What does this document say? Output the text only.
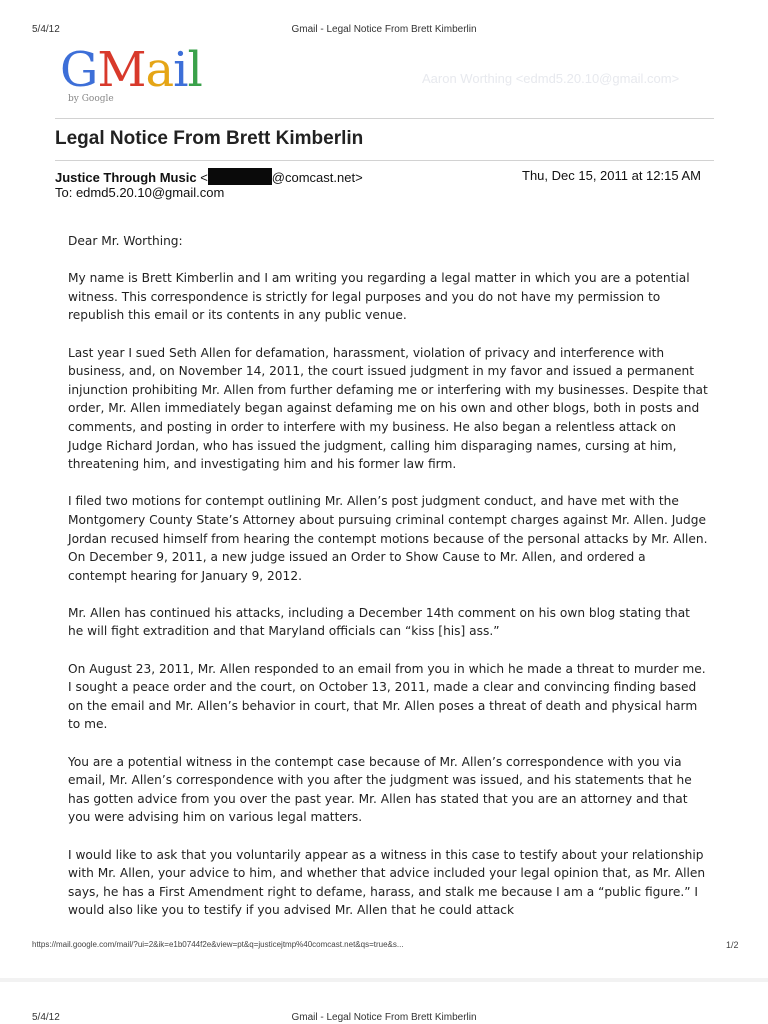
5/4/12	Gmail - Legal Notice From Brett Kimberlin
GMail
by Google
Aaron Worthing <edmd5.20.10@gmail.com>
Legal Notice From Brett Kimberlin
Justice Through Music <	@comcast.net>	Thu, Dec 15, 2011 at 12:15 AM
To: edmd5.20.10@gmail.com

Dear Mr. Worthing:

My name is Brett Kimberlin and I am writing you regarding a legal matter in which you are a potential witness. This correspondence is strictly for legal purposes and you do not have my permission to republish this email or its contents in any public venue.

Last year I sued Seth Allen for defamation, harassment, violation of privacy and interference with business, and, on November 14, 2011, the court issued judgment in my favor and issued a permanent injunction prohibiting Mr. Allen from further defaming me or interfering with my businesses. Despite that order, Mr. Allen immediately began against defaming me on his own and other blogs, both in posts and comments, and posting in order to interfere with my business. He also began a relentless attack on Judge Richard Jordan, who has issued the judgment, calling him disparaging names, cursing at him, threatening him, and investigating him and his former law firm.

I filed two motions for contempt outlining Mr. Allen’s post judgment conduct, and have met with the Montgomery County State’s Attorney about pursuing criminal contempt charges against Mr. Allen. Judge Jordan recused himself from hearing the contempt motions because of the personal attacks by Mr. Allen. On December 9, 2011, a new judge issued an Order to Show Cause to Mr. Allen, and ordered a contempt hearing for January 9, 2012.

Mr. Allen has continued his attacks, including a December 14th comment on his own blog stating that he will fight extradition and that Maryland officials can “kiss [his] ass.”

On August 23, 2011, Mr. Allen responded to an email from you in which he made a threat to murder me. I sought a peace order and the court, on October 13, 2011, made a clear and convincing finding based on the email and Mr. Allen’s behavior in court, that Mr. Allen poses a threat of death and physical harm to me.

You are a potential witness in the contempt case because of Mr. Allen’s correspondence with you via email, Mr. Allen’s correspondence with you after the judgment was issued, and his statements that he has gotten advice from you over the past year. Mr. Allen has stated that you are an attorney and that you were advising him on various legal matters.

I would like to ask that you voluntarily appear as a witness in this case to testify about your relationship with Mr. Allen, your advice to him, and whether that advice included your legal opinion that, as Mr. Allen says, he has a First Amendment right to defame, harass, and stalk me because I am a “public figure.” I would also like you to testify if you advised Mr. Allen that he could attack

https://mail.google.com/mail/?ui=2&ik=e1b0744f2e&view=pt&q=justicejtmp%40comcast.net&qs=true&s...	1/2
5/4/12	Gmail - Legal Notice From Brett Kimberlin
